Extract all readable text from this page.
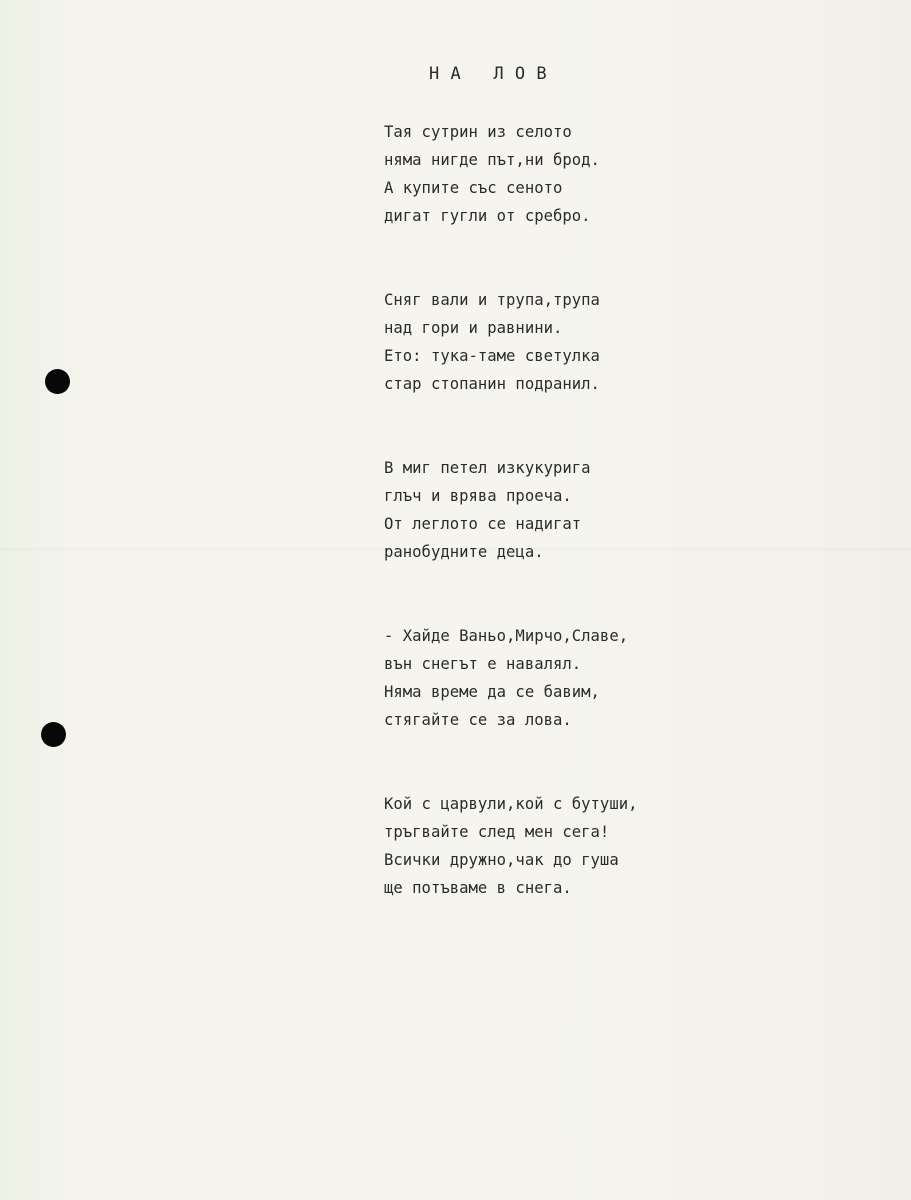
Н А   Л О В
Тая сутрин из селото
няма нигде път,ни брод.
А купите със сеното
дигат гугли от сребро.
Сняг вали и трупа,трупа
над гори и равнини.
Ето: тука-таме светулка
стар стопанин подранил.
В миг петел изкукурига
глъч и врява проеча.
От леглото се надигат
ранобудните деца.
- Хайде Ваньо,Мирчо,Славе,
вън снегът е навалял.
Няма време да се бавим,
стягайте се за лова.
Кой с царвули,кой с бутуши,
тръгвайте след мен сега!
Всички дружно,чак до гуша
ще потъваме в снега.
